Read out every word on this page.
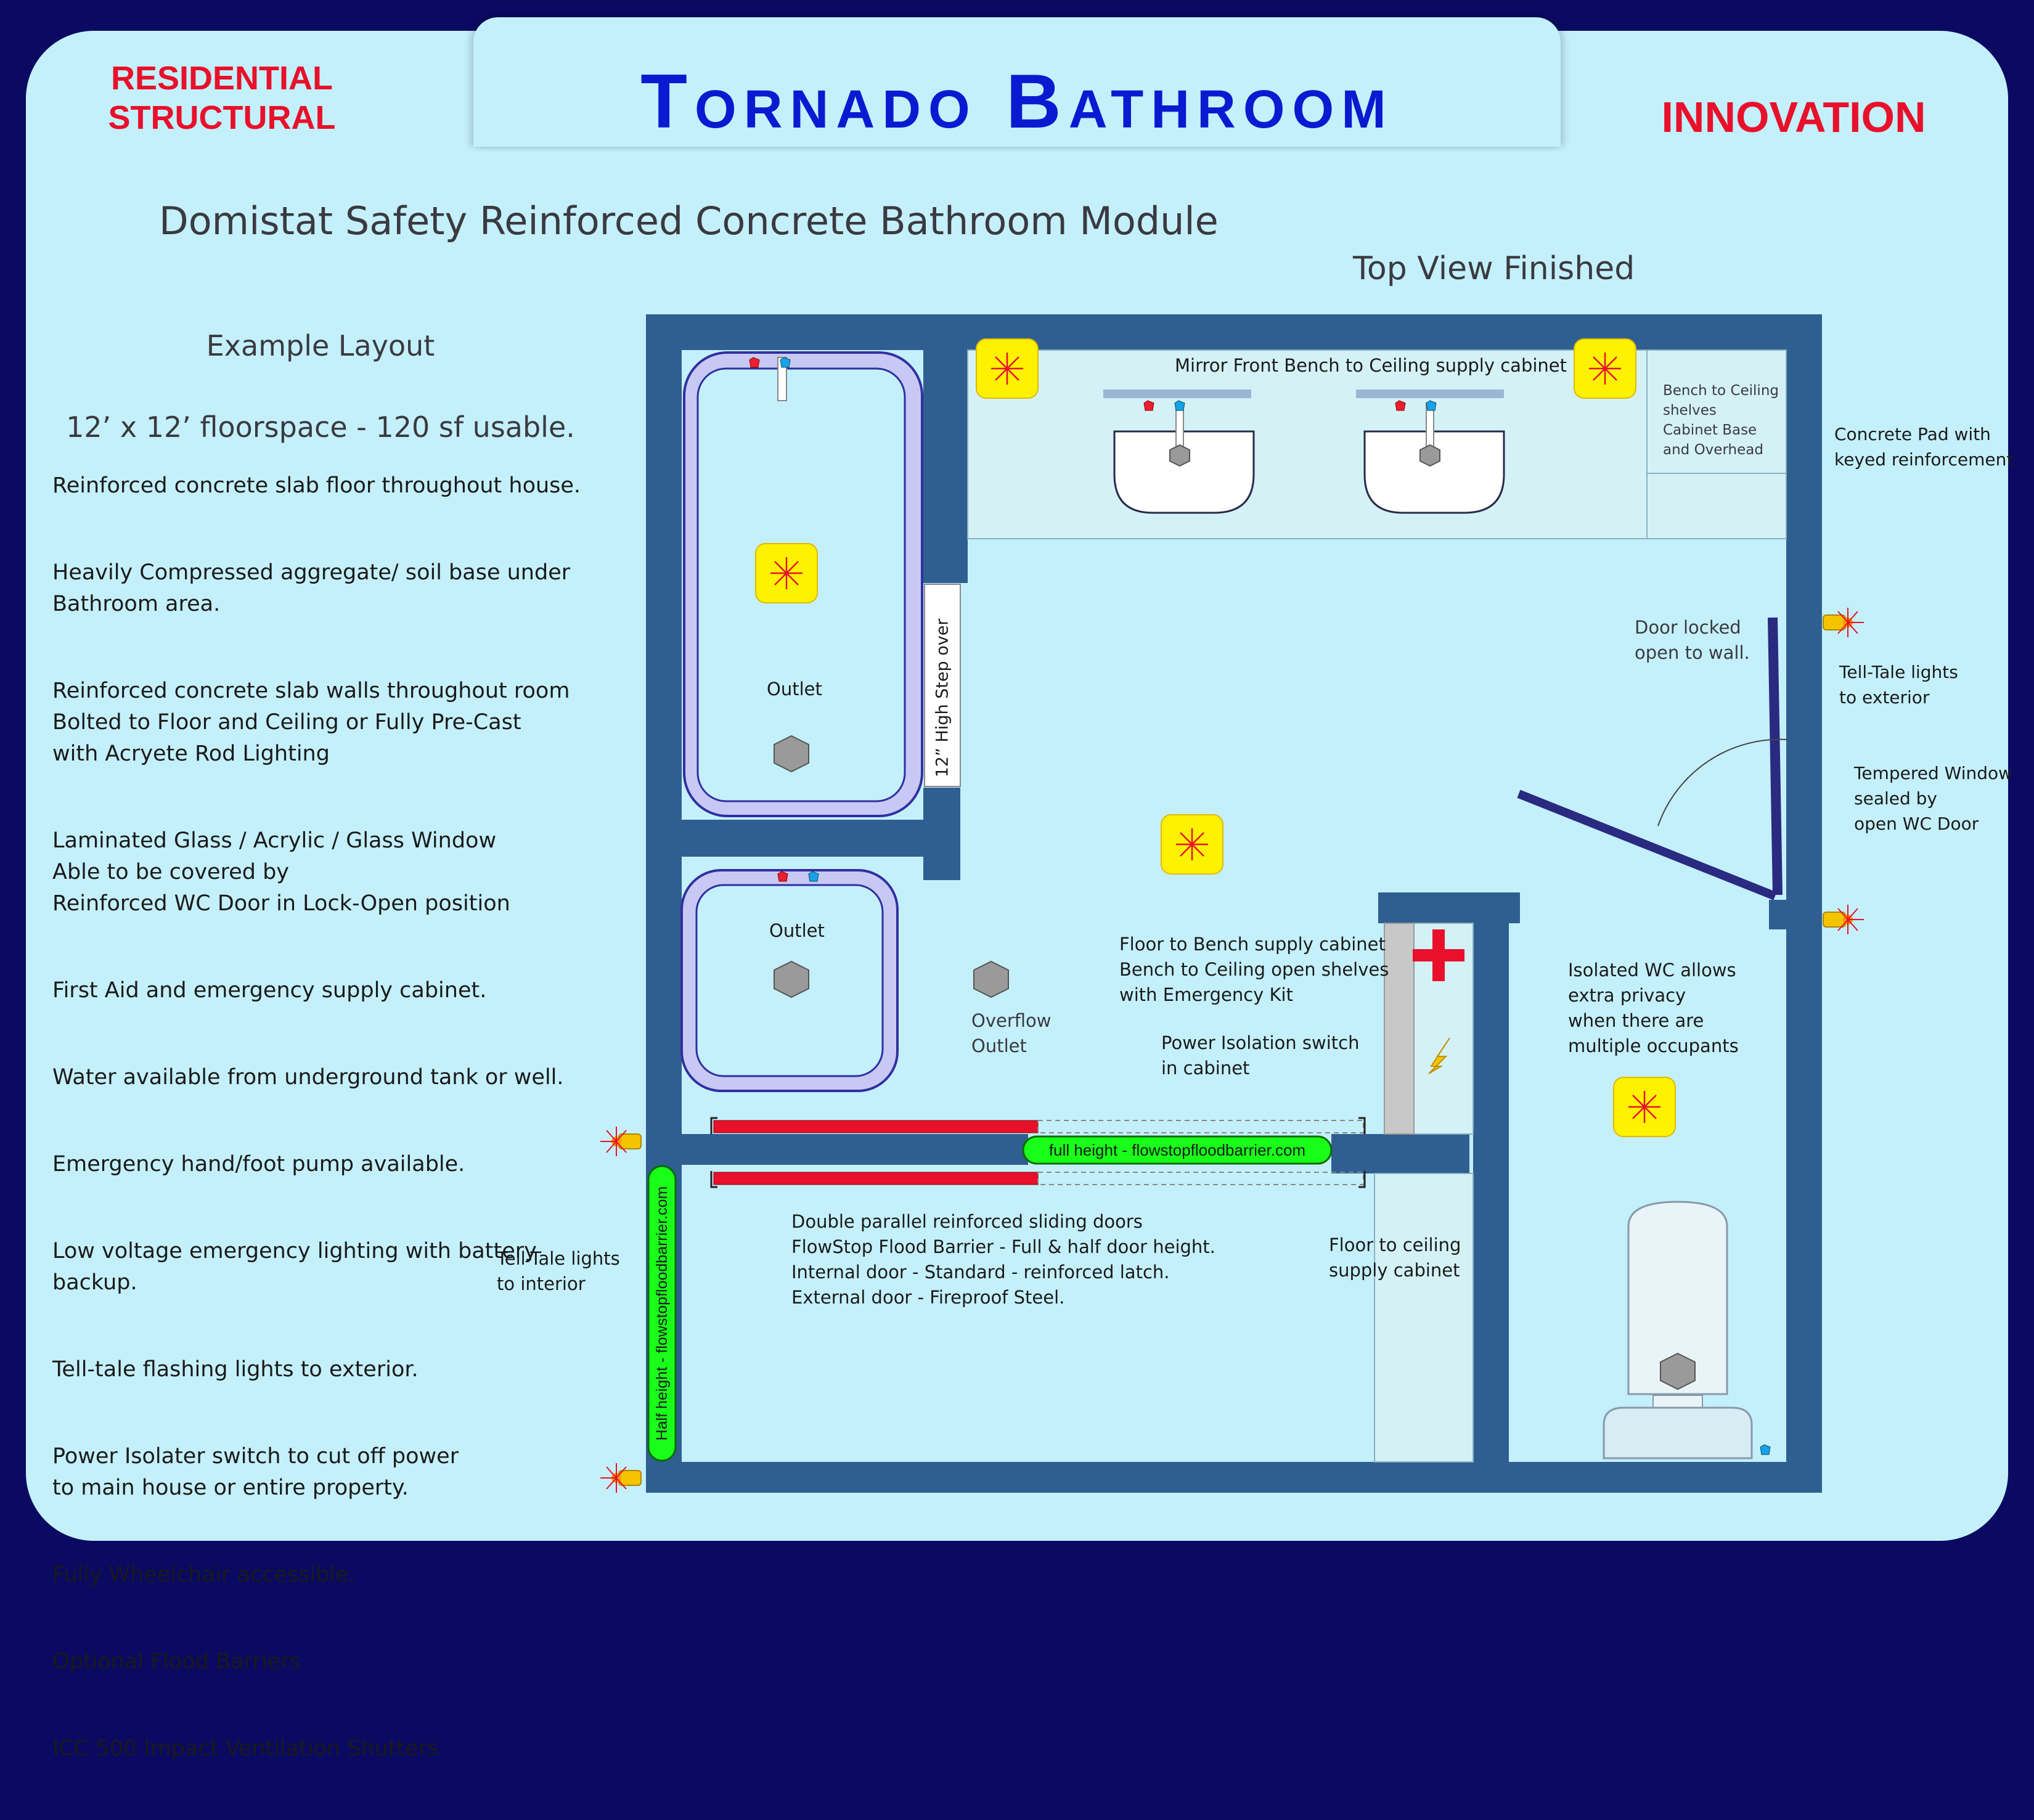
RESIDENTIAL
STRUCTURAL	Tornado Bathroom	INNOVATION
Domistat Safety Reinforced Concrete Bathroom Module
Top View Finished

Example Layout

12’ x 12’ floorspace - 120 sf usable.

Reinforced concrete slab floor throughout house.

Heavily Compressed aggregate/ soil base under
Bathroom area.

Reinforced concrete slab walls throughout room
Bolted to Floor and Ceiling or Fully Pre-Cast
with Acryete Rod Lighting

Laminated Glass / Acrylic / Glass Window
Able to be covered by
Reinforced WC Door in Lock-Open position

First Aid and emergency supply cabinet.

Water available from underground tank or well.

Emergency hand/foot pump available.

Low voltage emergency lighting with battery backup.

Tell-tale flashing lights to exterior.

Power Isolater switch to cut off power
to main house or entire property.

Fully Wheelchair accessible.

Optional Flood Barriers

ICC 500 Impact Ventilation Shutters

Mirror Front Bench to Ceiling supply cabinet
Bench to Ceiling
shelves
Cabinet Base
and Overhead
Concrete Pad with
keyed reinforcement
Door locked
open to wall.
Tell-Tale lights
to exterior
Tempered Window
sealed by
open WC Door
12” High Step over
Outlet
Outlet
Overflow
Outlet
Floor to Bench supply cabinet
Bench to Ceiling open shelves
with Emergency Kit
Power Isolation switch
in cabinet
Isolated WC allows
extra privacy
when there are
multiple occupants
full height - flowstopfloodbarrier.com
Half height - flowstopfloodbarrier.com	Double parallel reinforced sliding doors
FlowStop Flood Barrier - Full & half door height.
Internal door - Standard - reinforced latch.
External door - Fireproof Steel.
Floor to ceiling
supply cabinet
Tell-Tale lights
to interior
